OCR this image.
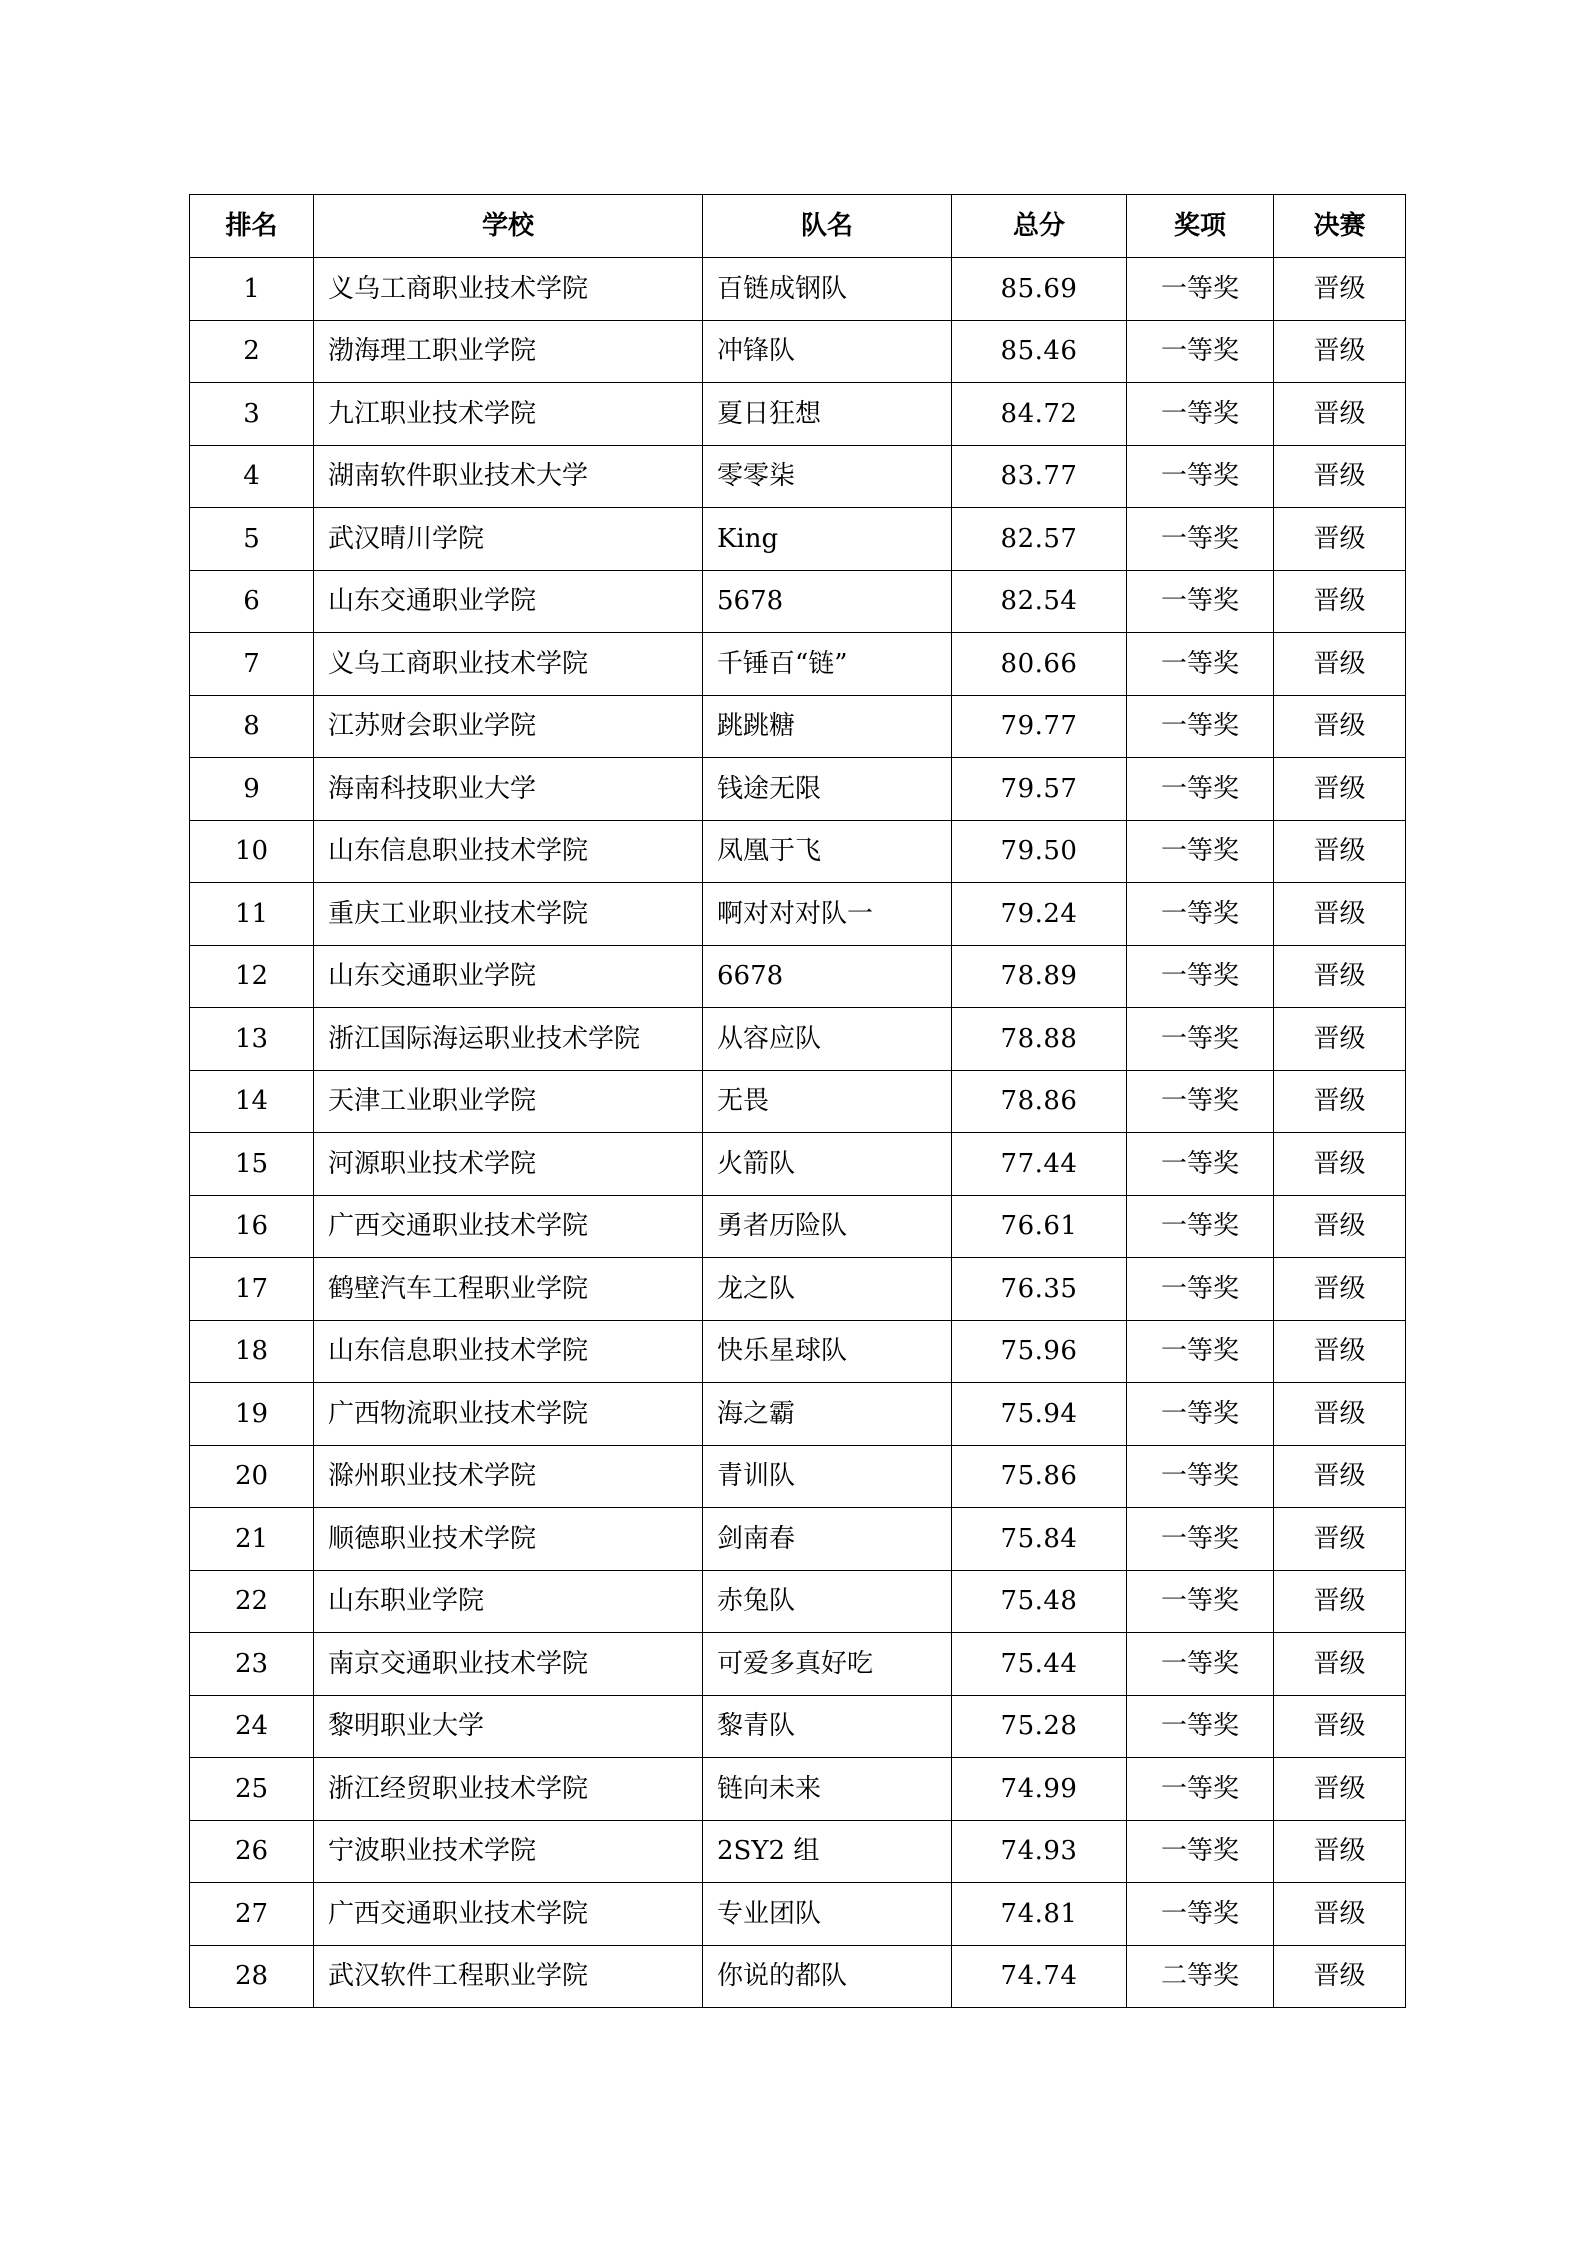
排名	学校	队名	总分	奖项	决赛
1	义乌工商职业技术学院	百链成钢队	85.69	一等奖	晋级
2	渤海理工职业学院	冲锋队	85.46	一等奖	晋级
3	九江职业技术学院	夏日狂想	84.72	一等奖	晋级
4	湖南软件职业技术大学	零零柒	83.77	一等奖	晋级
5	武汉晴川学院	King	82.57	一等奖	晋级
6	山东交通职业学院	5678	82.54	一等奖	晋级
7	义乌工商职业技术学院	千锤百“链”	80.66	一等奖	晋级
8	江苏财会职业学院	跳跳糖	79.77	一等奖	晋级
9	海南科技职业大学	钱途无限	79.57	一等奖	晋级
10	山东信息职业技术学院	凤凰于飞	79.50	一等奖	晋级
11	重庆工业职业技术学院	啊对对对队一	79.24	一等奖	晋级
12	山东交通职业学院	6678	78.89	一等奖	晋级
13	浙江国际海运职业技术学院	从容应队	78.88	一等奖	晋级
14	天津工业职业学院	无畏	78.86	一等奖	晋级
15	河源职业技术学院	火箭队	77.44	一等奖	晋级
16	广西交通职业技术学院	勇者历险队	76.61	一等奖	晋级
17	鹤壁汽车工程职业学院	龙之队	76.35	一等奖	晋级
18	山东信息职业技术学院	快乐星球队	75.96	一等奖	晋级
19	广西物流职业技术学院	海之霸	75.94	一等奖	晋级
20	滁州职业技术学院	青训队	75.86	一等奖	晋级
21	顺德职业技术学院	剑南春	75.84	一等奖	晋级
22	山东职业学院	赤兔队	75.48	一等奖	晋级
23	南京交通职业技术学院	可爱多真好吃	75.44	一等奖	晋级
24	黎明职业大学	黎青队	75.28	一等奖	晋级
25	浙江经贸职业技术学院	链向未来	74.99	一等奖	晋级
26	宁波职业技术学院	2SY2 组	74.93	一等奖	晋级
27	广西交通职业技术学院	专业团队	74.81	一等奖	晋级
28	武汉软件工程职业学院	你说的都队	74.74	二等奖	晋级
